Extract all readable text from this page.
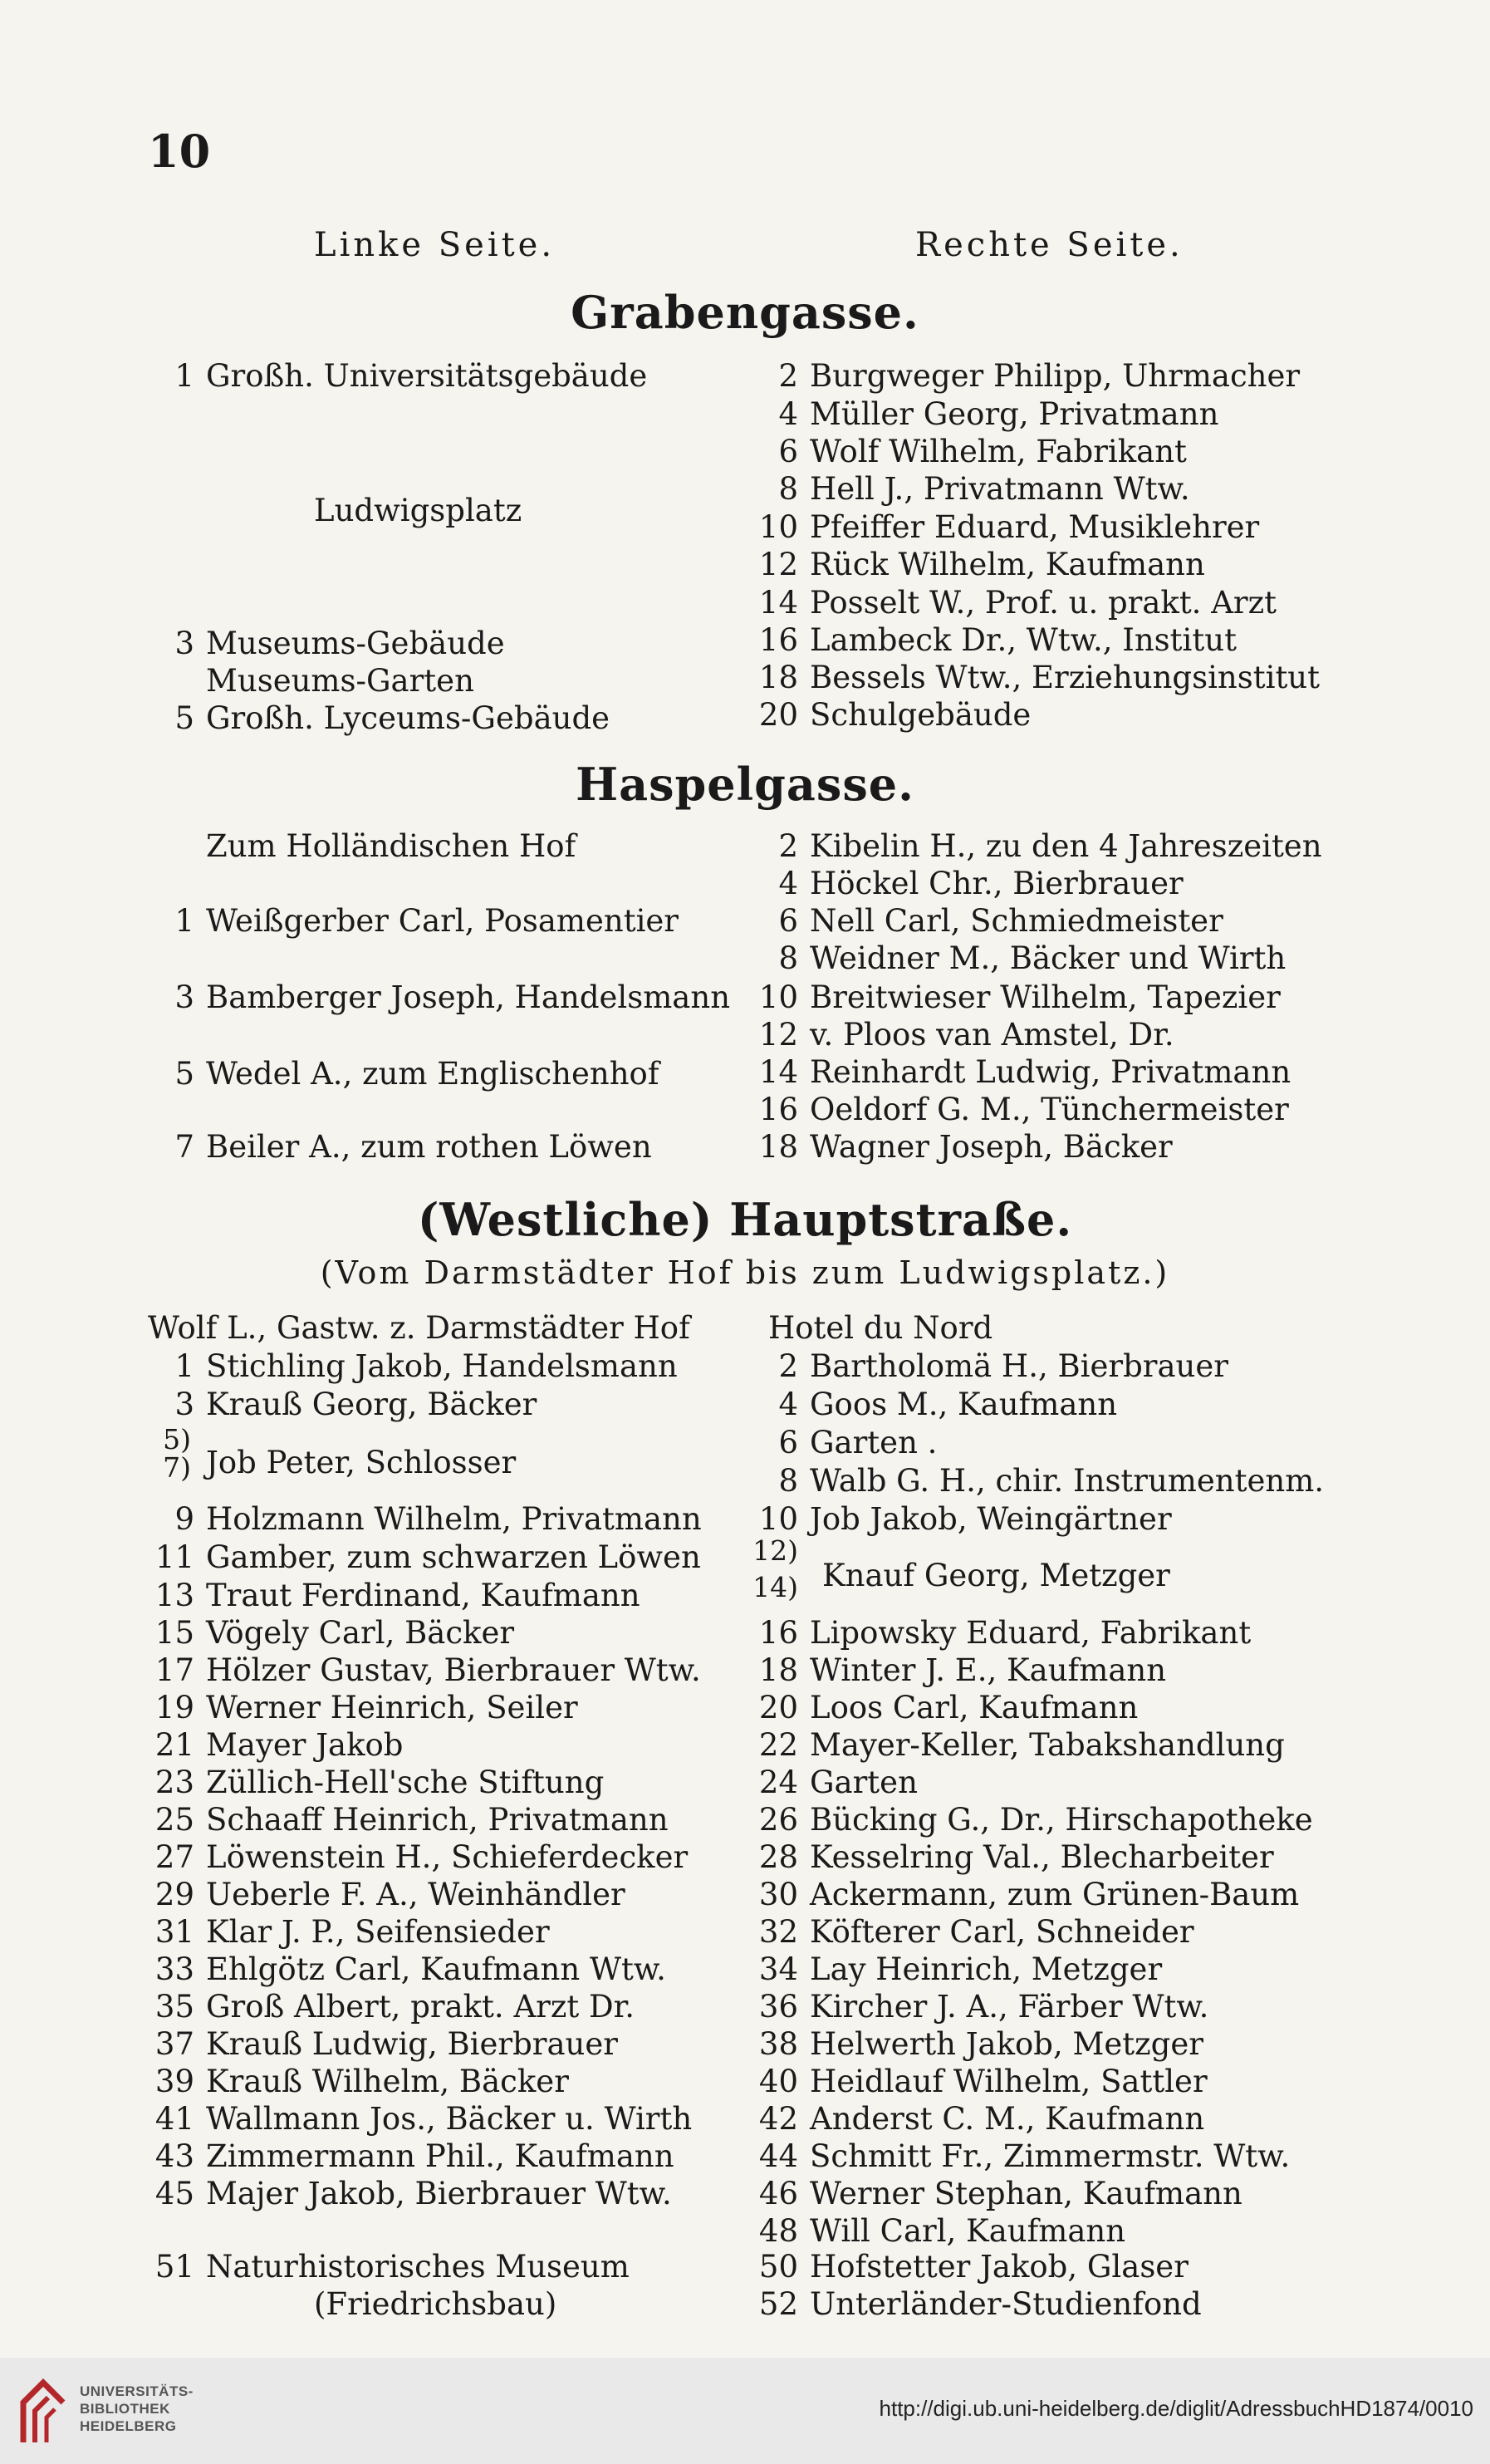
10
Linke Seite.	Rechte Seite.
Grabengasse.
1 Großh. Universitätsgebäude
Ludwigsplatz
3 Museums-Gebäude
Museums-Garten
5 Großh. Lyceums-Gebäude
2 Burgweger Philipp, Uhrmacher
4 Müller Georg, Privatmann
6 Wolf Wilhelm, Fabrikant
8 Hell J., Privatmann Wtw.
10 Pfeiffer Eduard, Musiklehrer
12 Rück Wilhelm, Kaufmann
14 Posselt W., Prof. u. prakt. Arzt
16 Lambeck Dr., Wtw., Institut
18 Bessels Wtw., Erziehungsinstitut
20 Schulgebäude
Haspelgasse.
Zum Holländischen Hof
1 Weißgerber Carl, Posamentier
3 Bamberger Joseph, Handelsmann
5 Wedel A., zum Englischenhof
7 Beiler A., zum rothen Löwen
2 Kibelin H., zu den 4 Jahreszeiten
4 Höckel Chr., Bierbrauer
6 Nell Carl, Schmiedmeister
8 Weidner M., Bäcker und Wirth
10 Breitwieser Wilhelm, Tapezier
12 v. Ploos van Amstel, Dr.
14 Reinhardt Ludwig, Privatmann
16 Oeldorf G. M., Tünchermeister
18 Wagner Joseph, Bäcker
(Westliche) Hauptstraße.
(Vom Darmstädter Hof bis zum Ludwigsplatz.)
Wolf L., Gastw. z. Darmstädter Hof
1 Stichling Jakob, Handelsmann
3 Krauß Georg, Bäcker
5)
7) Job Peter, Schlosser
9 Holzmann Wilhelm, Privatmann
11 Gamber, zum schwarzen Löwen
13 Traut Ferdinand, Kaufmann
15 Vögely Carl, Bäcker
17 Hölzer Gustav, Bierbrauer Wtw.
19 Werner Heinrich, Seiler
21 Mayer Jakob
23 Züllich-Hell'sche Stiftung
25 Schaaff Heinrich, Privatmann
27 Löwenstein H., Schieferdecker
29 Ueberle F. A., Weinhändler
31 Klar J. P., Seifensieder
33 Ehlgötz Carl, Kaufmann Wtw.
35 Groß Albert, prakt. Arzt Dr.
37 Krauß Ludwig, Bierbrauer
39 Krauß Wilhelm, Bäcker
41 Wallmann Jos., Bäcker u. Wirth
43 Zimmermann Phil., Kaufmann
45 Majer Jakob, Bierbrauer Wtw.
51 Naturhistorisches Museum
(Friedrichsbau)
Hotel du Nord
2 Bartholomä H., Bierbrauer
4 Goos M., Kaufmann
6 Garten .
8 Walb G. H., chir. Instrumentenm.
10 Job Jakob, Weingärtner
12)
14) Knauf Georg, Metzger
16 Lipowsky Eduard, Fabrikant
18 Winter J. E., Kaufmann
20 Loos Carl, Kaufmann
22 Mayer-Keller, Tabakshandlung
24 Garten
26 Bücking G., Dr., Hirschapotheke
28 Kesselring Val., Blecharbeiter
30 Ackermann, zum Grünen-Baum
32 Köfterer Carl, Schneider
34 Lay Heinrich, Metzger
36 Kircher J. A., Färber Wtw.
38 Helwerth Jakob, Metzger
40 Heidlauf Wilhelm, Sattler
42 Anderst C. M., Kaufmann
44 Schmitt Fr., Zimmermstr. Wtw.
46 Werner Stephan, Kaufmann
48 Will Carl, Kaufmann
50 Hofstetter Jakob, Glaser
52 Unterländer-Studienfond
UNIVERSITÄTS-
BIBLIOTHEK
HEIDELBERG
http://digi.ub.uni-heidelberg.de/diglit/AdressbuchHD1874/0010
